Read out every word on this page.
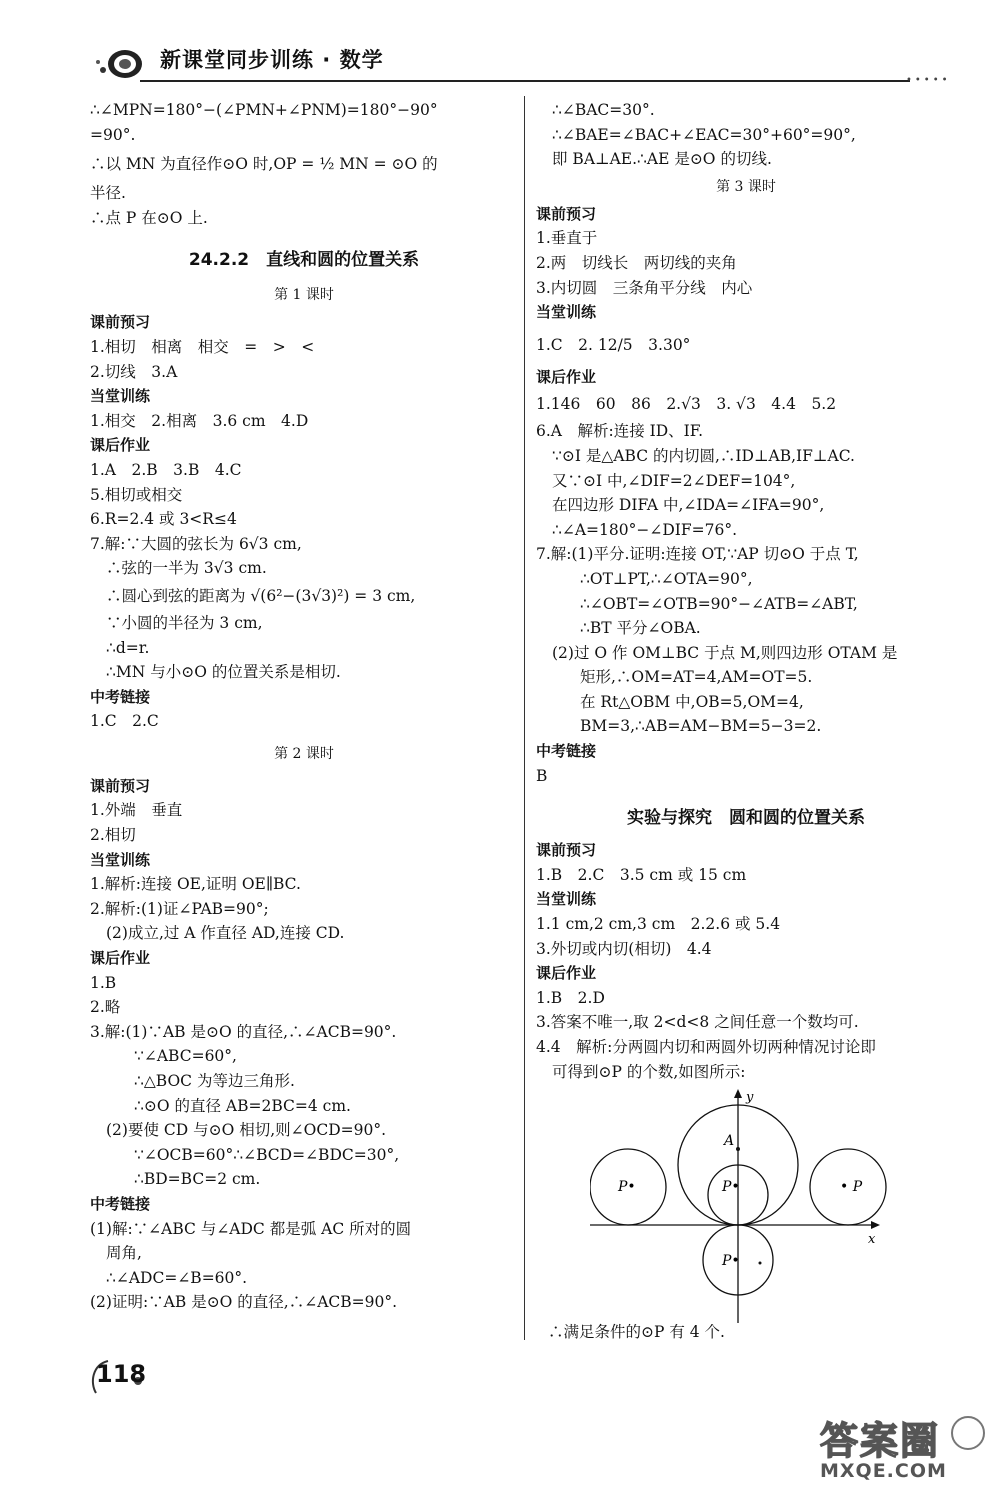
新课堂同步训练 · 数学
•••••
∴∠MPN=180°−(∠PMN+∠PNM)=180°−90°
=90°.
∴以 MN 为直径作⊙O 时,OP = ½ MN = ⊙O 的
半径.
∴点 P 在⊙O 上.
24.2.2　直线和圆的位置关系
第 1 课时
课前预习
1.相切　相离　相交　=　>　<
2.切线　3.A
当堂训练
1.相交　2.相离　3.6 cm　4.D
课后作业
1.A　2.B　3.B　4.C
5.相切或相交
6.R=2.4 或 3<R≤4
7.解:∵大圆的弦长为 6√3 cm,
∴弦的一半为 3√3 cm.
∴圆心到弦的距离为 √(6²−(3√3)²) = 3 cm,
∵小圆的半径为 3 cm,
∴d=r.
∴MN 与小⊙O 的位置关系是相切.
中考链接
1.C　2.C
第 2 课时
课前预习
1.外端　垂直
2.相切
当堂训练
1.解析:连接 OE,证明 OE∥BC.
2.解析:(1)证∠PAB=90°;
(2)成立,过 A 作直径 AD,连接 CD.
课后作业
1.B
2.略
3.解:(1)∵AB 是⊙O 的直径,∴∠ACB=90°.
∵∠ABC=60°,
∴△BOC 为等边三角形.
∴⊙O 的直径 AB=2BC=4 cm.
(2)要使 CD 与⊙O 相切,则∠OCD=90°.
∵∠OCB=60°∴∠BCD=∠BDC=30°,
∴BD=BC=2 cm.
中考链接
(1)解:∵∠ABC 与∠ADC 都是弧 AC 所对的圆
周角,
∴∠ADC=∠B=60°.
(2)证明:∵AB 是⊙O 的直径,∴∠ACB=90°.
∴∠BAC=30°.
∴∠BAE=∠BAC+∠EAC=30°+60°=90°,
即 BA⊥AE.∴AE 是⊙O 的切线.
第 3 课时
课前预习
1.垂直于
2.两　切线长　两切线的夹角
3.内切圆　三条角平分线　内心
当堂训练
1.C　2. 12/5　3.30°
课后作业
1.146　60　86　2.√3　3. √3　4.4　5.2
6.A　解析:连接 ID、IF.
∵⊙I 是△ABC 的内切圆,∴ID⊥AB,IF⊥AC.
又∵⊙I 中,∠DIF=2∠DEF=104°,
在四边形 DIFA 中,∠IDA=∠IFA=90°,
∴∠A=180°−∠DIF=76°.
7.解:(1)平分.证明:连接 OT,∵AP 切⊙O 于点 T,
∴OT⊥PT,∴∠OTA=90°,
∴∠OBT=∠OTB=90°−∠ATB=∠ABT,
∴BT 平分∠OBA.
(2)过 O 作 OM⊥BC 于点 M,则四边形 OTAM 是
矩形,∴OM=AT=4,AM=OT=5.
在 Rt△OBM 中,OB=5,OM=4,
BM=3,∴AB=AM−BM=5−3=2.
中考链接
B
实验与探究　圆和圆的位置关系
课前预习
1.B　2.C　3.5 cm 或 15 cm
当堂训练
1.1 cm,2 cm,3 cm　2.2.6 或 5.4
3.外切或内切(相切)　4.4
课后作业
1.B　2.D
3.答案不唯一,取 2<d<8 之间任意一个数均可.
4.4　解析:分两圆内切和两圆外切两种情况讨论即
可得到⊙P 的个数,如图所示:
y
x
A
P•	P•	• P
P•
∴满足条件的⊙P 有 4 个.
118
答案圈
MXQE.COM
